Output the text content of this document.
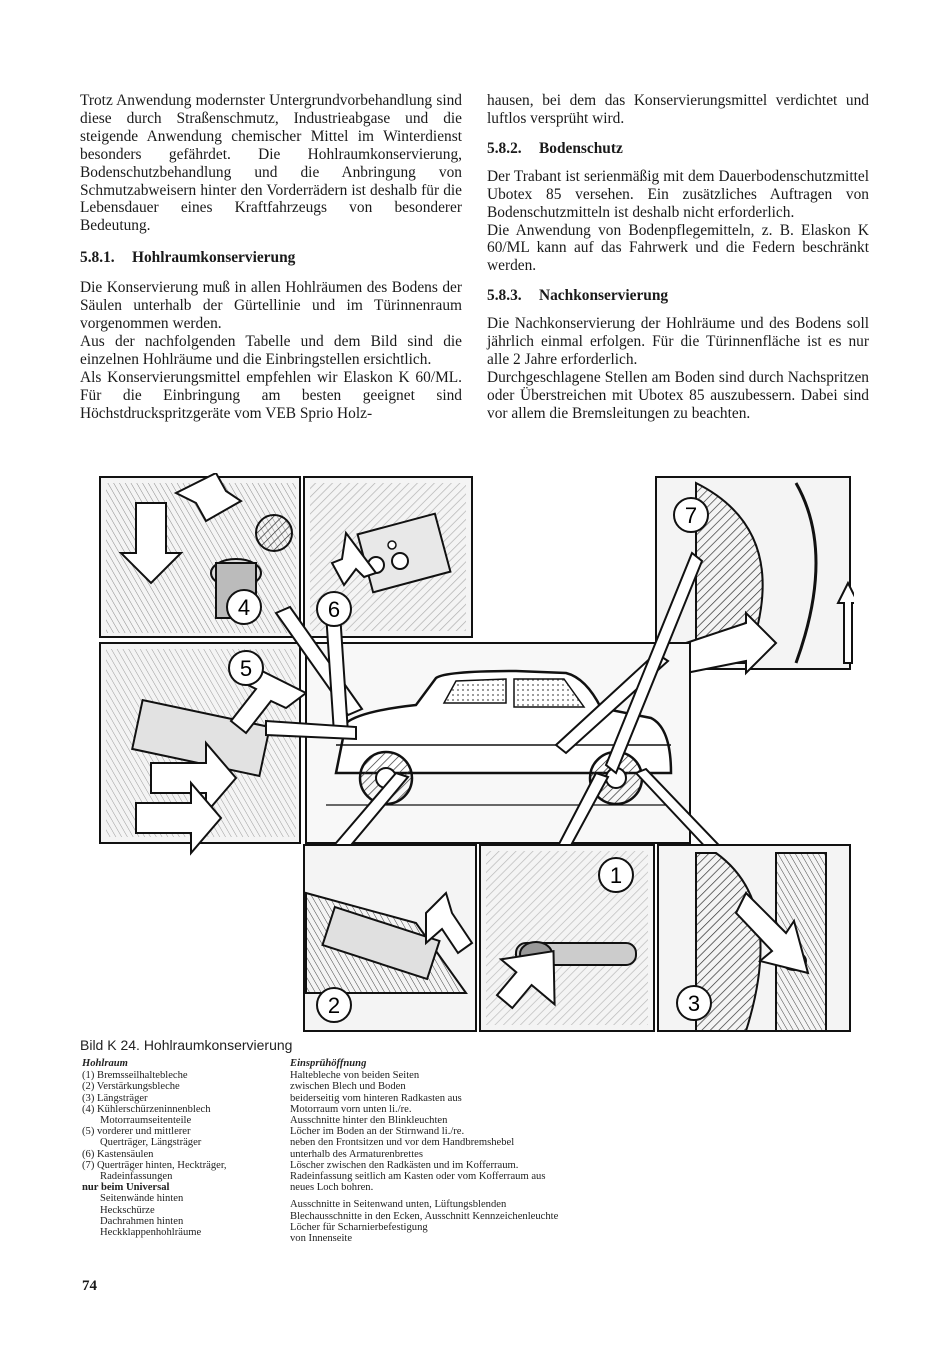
Trotz Anwendung modernster Untergrundvorbehandlung sind diese durch Straßenschmutz, Industrieabgase und die steigende Anwendung chemischer Mittel im Winterdienst besonders gefährdet. Die Hohlraumkonservierung, Bodenschutzbehandlung und die Anbringung von Schmutzabweisern hinter den Vorderrädern ist deshalb für die Lebensdauer eines Kraftfahrzeugs von besonderer Bedeutung.

5.8.1. Hohlraumkonservierung

Die Konservierung muß in allen Hohlräumen des Bodens der Säulen unterhalb der Gürtellinie und im Türinnenraum vorgenommen werden.

Aus der nachfolgenden Tabelle und dem Bild sind die einzelnen Hohlräume und die Einbringstellen ersichtlich.

Als Konservierungsmittel empfehlen wir Elaskon K 60/ML. Für die Einbringung am besten geeignet sind Höchstdruckspritzgeräte vom VEB Sprio Holz-

hausen, bei dem das Konservierungsmittel verdichtet und luftlos versprüht wird.

5.8.2. Bodenschutz

Der Trabant ist serienmäßig mit dem Dauerbodenschutzmittel Ubotex 85 versehen. Ein zusätzliches Auftragen von Bodenschutzmitteln ist deshalb nicht erforderlich.

Die Anwendung von Bodenpflegemitteln, z. B. Elaskon K 60/ML kann auf das Fahrwerk und die Federn beschränkt werden.

5.8.3. Nachkonservierung

Die Nachkonservierung der Hohlräume und des Bodens soll jährlich einmal erfolgen. Für die Türinnenfläche ist es nur alle 2 Jahre erforderlich.

Durchgeschlagene Stellen am Boden sind durch Nachspritzen oder Überstreichen mit Ubotex 85 auszubessern. Dabei sind vor allem die Bremsleitungen zu beachten.

4	6
7
5
1
2	3
Bild K 24. Hohlraumkonservierung
Hohlraum
(1) Bremsseilhaltebleche
(2) Verstärkungsbleche
(3) Längsträger
(4) Kühlerschürzeninnenblech
Motorraumseitenteile
(5) vorderer und mittlerer
Querträger, Längsträger
(6) Kastensäulen
(7) Querträger hinten, Heckträger,
Radeinfassungen
nur beim Universal
Seitenwände hinten
Heckschürze
Dachrahmen hinten
Heckklappenhohlräume
Einsprühöffnung
Haltebleche von beiden Seiten
zwischen Blech und Boden
beiderseitig vom hinteren Radkasten aus
Motorraum vorn unten li./re.
Ausschnitte hinter den Blinkleuchten
Löcher im Boden an der Stirnwand li./re.
neben den Frontsitzen und vor dem Handbremshebel
unterhalb des Armaturenbrettes
Löscher zwischen den Radkästen und im Kofferraum.
Radeinfassung seitlich am Kasten oder vom Kofferraum aus
neues Loch bohren.
Ausschnitte in Seitenwand unten, Lüftungsblenden
Blechausschnitte in den Ecken, Ausschnitt Kennzeichenleuchte
Löcher für Scharnierbefestigung
von Innenseite
74
